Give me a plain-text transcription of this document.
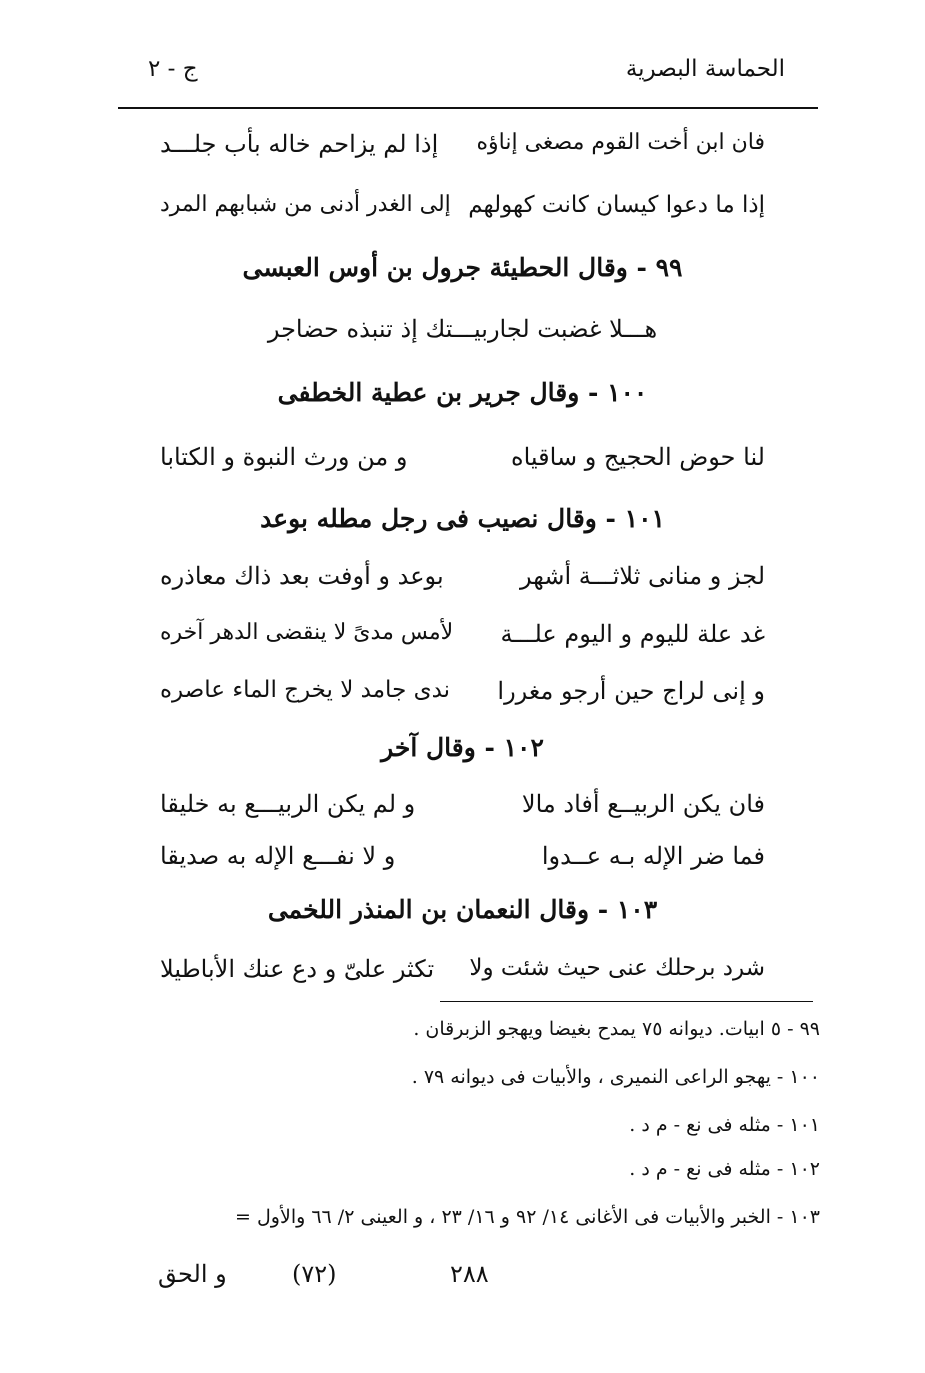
الحماسة البصرية
ج - ٢
فان ابن أخت القوم مصغى إناؤه
إذا لم يزاحم خاله بأب جلـــد
إذا ما دعوا كيسان كانت كهولهم
إلى الغدر أدنى من شبابهم المرد
٩٩ - وقال الحطيئة جرول بن أوس العبسى
هـــلا غضبت لجاربيـــتك إذ تنبذه حضاجر
١٠٠ - وقال جرير بن عطية الخطفى
لنا حوض الحجيج و ساقياه
و من ورث النبوة و الكتابا
١٠١ - وقال نصيب فى رجل مطله بوعد
لجز و منانى ثلاثـــة أشهر
بوعد و أوفت بعد ذاك معاذره
غد علة لليوم و اليوم علـــة
لأمس مدىً لا ينقضى الدهر آخره
و إنى لراج حين أرجو مغررا
ندى جامد لا يخرج الماء عاصره
١٠٢ - وقال آخر
فان يكن الربيــع أفاد مالا
و لم يكن الربيـــع به خليقا
فما ضر الإله بـه عــدوا
و لا نفـــع الإله به صديقا
١٠٣ - وقال النعمان بن المنذر اللخمى
شرد برحلك عنى حيث شئت ولا
تكثر علىّ و دع عنك الأباطيلا
٩٩ - ٥ ابيات. ديوانه ٧٥ يمدح بغيضا ويهجو الزبرقان .
١٠٠ - يهجو الراعى النميرى ، والأبيات فى ديوانه ٧٩ .
١٠١ - مثله فى نع - م د .
١٠٢ - مثله فى نع - م د .
١٠٣ - الخبر والأبيات فى الأغانى ١٤/ ٩٢ و ١٦/ ٢٣ ، و العينى ٢/ ٦٦ والأول =
٢٨٨
(٧٢)
و الحق
